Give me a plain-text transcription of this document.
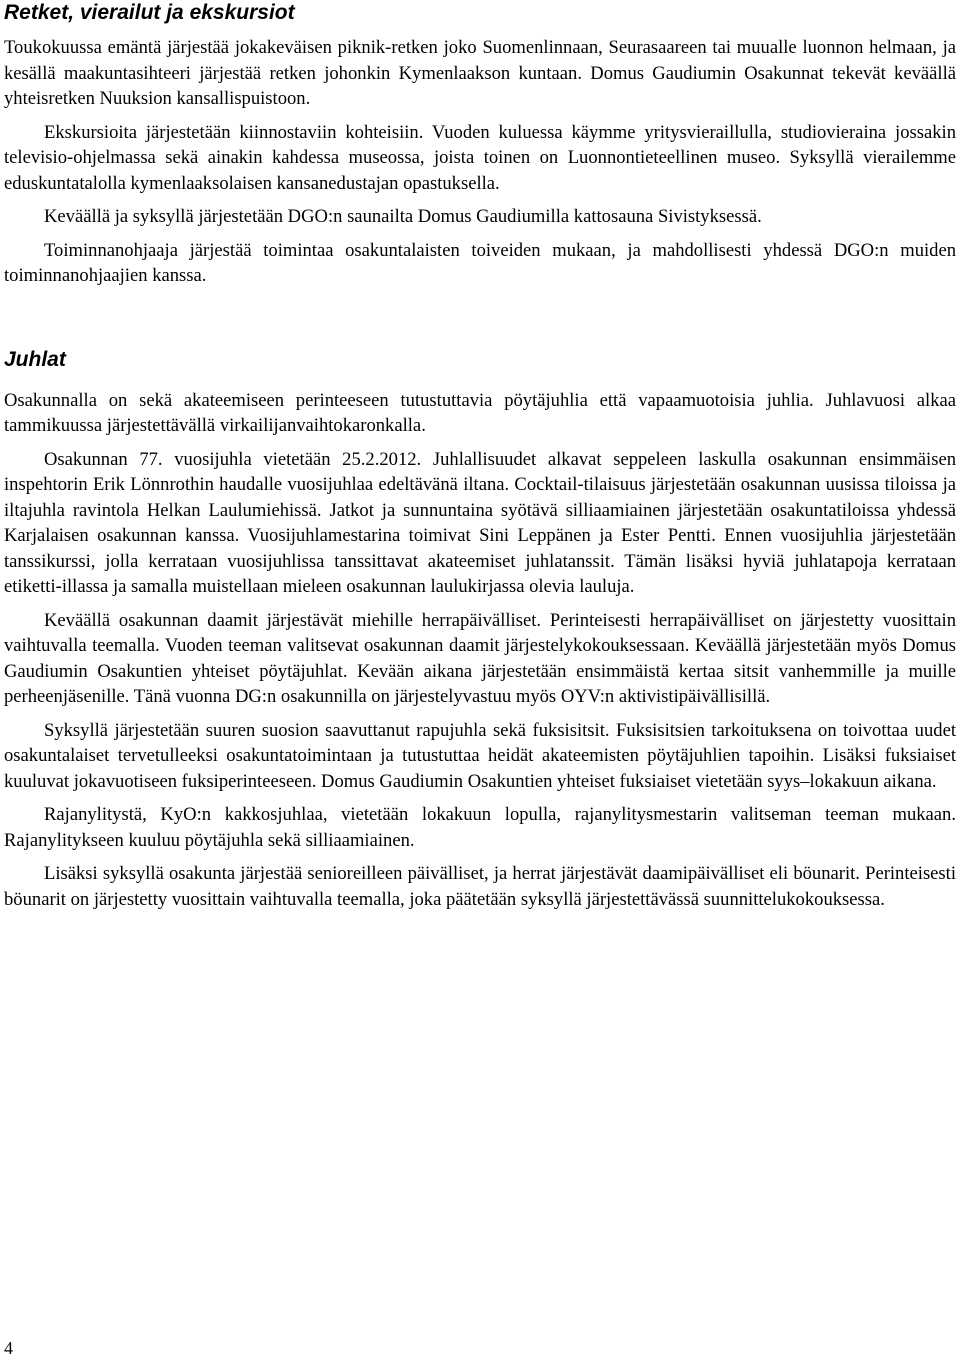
Retket, vierailut ja ekskursiot

Toukokuussa emäntä järjestää jokakeväisen piknik-retken joko Suomenlinnaan, Seurasaareen tai muualle luonnon helmaan, ja kesällä maakuntasihteeri järjestää retken johonkin Kymenlaakson kuntaan. Domus Gaudiumin Osakunnat tekevät keväällä yhteisretken Nuuksion kansallispuistoon.

Ekskursioita järjestetään kiinnostaviin kohteisiin. Vuoden kuluessa käymme yritysvieraillulla, studiovieraina jossakin televisio-ohjelmassa sekä ainakin kahdessa museossa, joista toinen on Luonnontieteellinen museo. Syksyllä vierailemme eduskuntatalolla kymenlaaksolaisen kansanedustajan opastuksella.

Keväällä ja syksyllä järjestetään DGO:n saunailta Domus Gaudiumilla kattosauna Sivistyksessä.

Toiminnanohjaaja järjestää toimintaa osakuntalaisten toiveiden mukaan, ja mahdollisesti yhdessä DGO:n muiden toiminnanohjaajien kanssa.

Juhlat

Osakunnalla on sekä akateemiseen perinteeseen tutustuttavia pöytäjuhlia että vapaamuotoisia juhlia. Juhlavuosi alkaa tammikuussa järjestettävällä virkailijanvaihtokaronkalla.

Osakunnan 77. vuosijuhla vietetään 25.2.2012. Juhlallisuudet alkavat seppeleen laskulla osakunnan ensimmäisen inspehtorin Erik Lönnrothin haudalle vuosijuhlaa edeltävänä iltana. Cocktail-tilaisuus järjestetään osakunnan uusissa tiloissa ja iltajuhla ravintola Helkan Laulumiehissä. Jatkot ja sunnuntaina syötävä silliaamiainen järjestetään osakuntatiloissa yhdessä Karjalaisen osakunnan kanssa. Vuosijuhlamestarina toimivat Sini Leppänen ja Ester Pentti. Ennen vuosijuhlia järjestetään tanssikurssi, jolla kerrataan vuosijuhlissa tanssittavat akateemiset juhlatanssit. Tämän lisäksi hyviä juhlatapoja kerrataan etiketti-illassa ja samalla muistellaan mieleen osakunnan laulukirjassa olevia lauluja.

Keväällä osakunnan daamit järjestävät miehille herrapäivälliset. Perinteisesti herrapäivälliset on järjestetty vuosittain vaihtuvalla teemalla. Vuoden teeman valitsevat osakunnan daamit järjestelykokouksessaan. Keväällä järjestetään myös Domus Gaudiumin Osakuntien yhteiset pöytäjuhlat. Kevään aikana järjestetään ensimmäistä kertaa sitsit vanhemmille ja muille perheenjäsenille. Tänä vuonna DG:n osakunnilla on järjestelyvastuu myös OYV:n aktivistipäivällisillä.

Syksyllä järjestetään suuren suosion saavuttanut rapujuhla sekä fuksisitsit. Fuksisitsien tarkoituksena on toivottaa uudet osakuntalaiset tervetulleeksi osakuntatoimintaan ja tutustuttaa heidät akateemisten pöytäjuhlien tapoihin. Lisäksi fuksiaiset kuuluvat jokavuotiseen fuksiperinteeseen. Domus Gaudiumin Osakuntien yhteiset fuksiaiset vietetään syys–lokakuun aikana.

Rajanylitystä, KyO:n kakkosjuhlaa, vietetään lokakuun lopulla, rajanylitysmestarin valitseman teeman mukaan. Rajanylitykseen kuuluu pöytäjuhla sekä silliaamiainen.

Lisäksi syksyllä osakunta järjestää senioreilleen päivälliset, ja herrat järjestävät daamipäivälliset eli böunarit. Perinteisesti böunarit on järjestetty vuosittain vaihtuvalla teemalla, joka päätetään syksyllä järjestettävässä suunnittelukokouksessa.

4
